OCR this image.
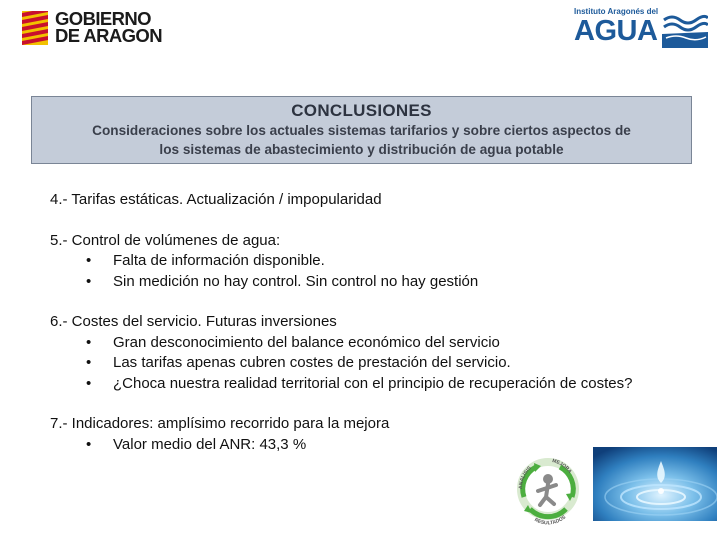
GOBIERNO
DE ARAGON
Instituto Aragonés del
AGUA
CONCLUSIONES
Consideraciones sobre los actuales sistemas tarifarios y sobre ciertos aspectos de
los sistemas de abastecimiento y distribución de agua potable
4.- Tarifas estáticas. Actualización / impopularidad
5.- Control de volúmenes de agua:
• Falta de información disponible.
• Sin medición no hay control. Sin control no hay gestión
6.- Costes del servicio. Futuras inversiones
• Gran desconocimiento del balance económico del servicio
• Las tarifas apenas cubren costes de prestación del servicio.
• ¿Choca nuestra realidad territorial con el principio de recuperación de costes?
7.- Indicadores: amplísimo recorrido para la mejora
• Valor medio del ANR: 43,3 %
ANALISIS
MEJORA
RESULTADOS
